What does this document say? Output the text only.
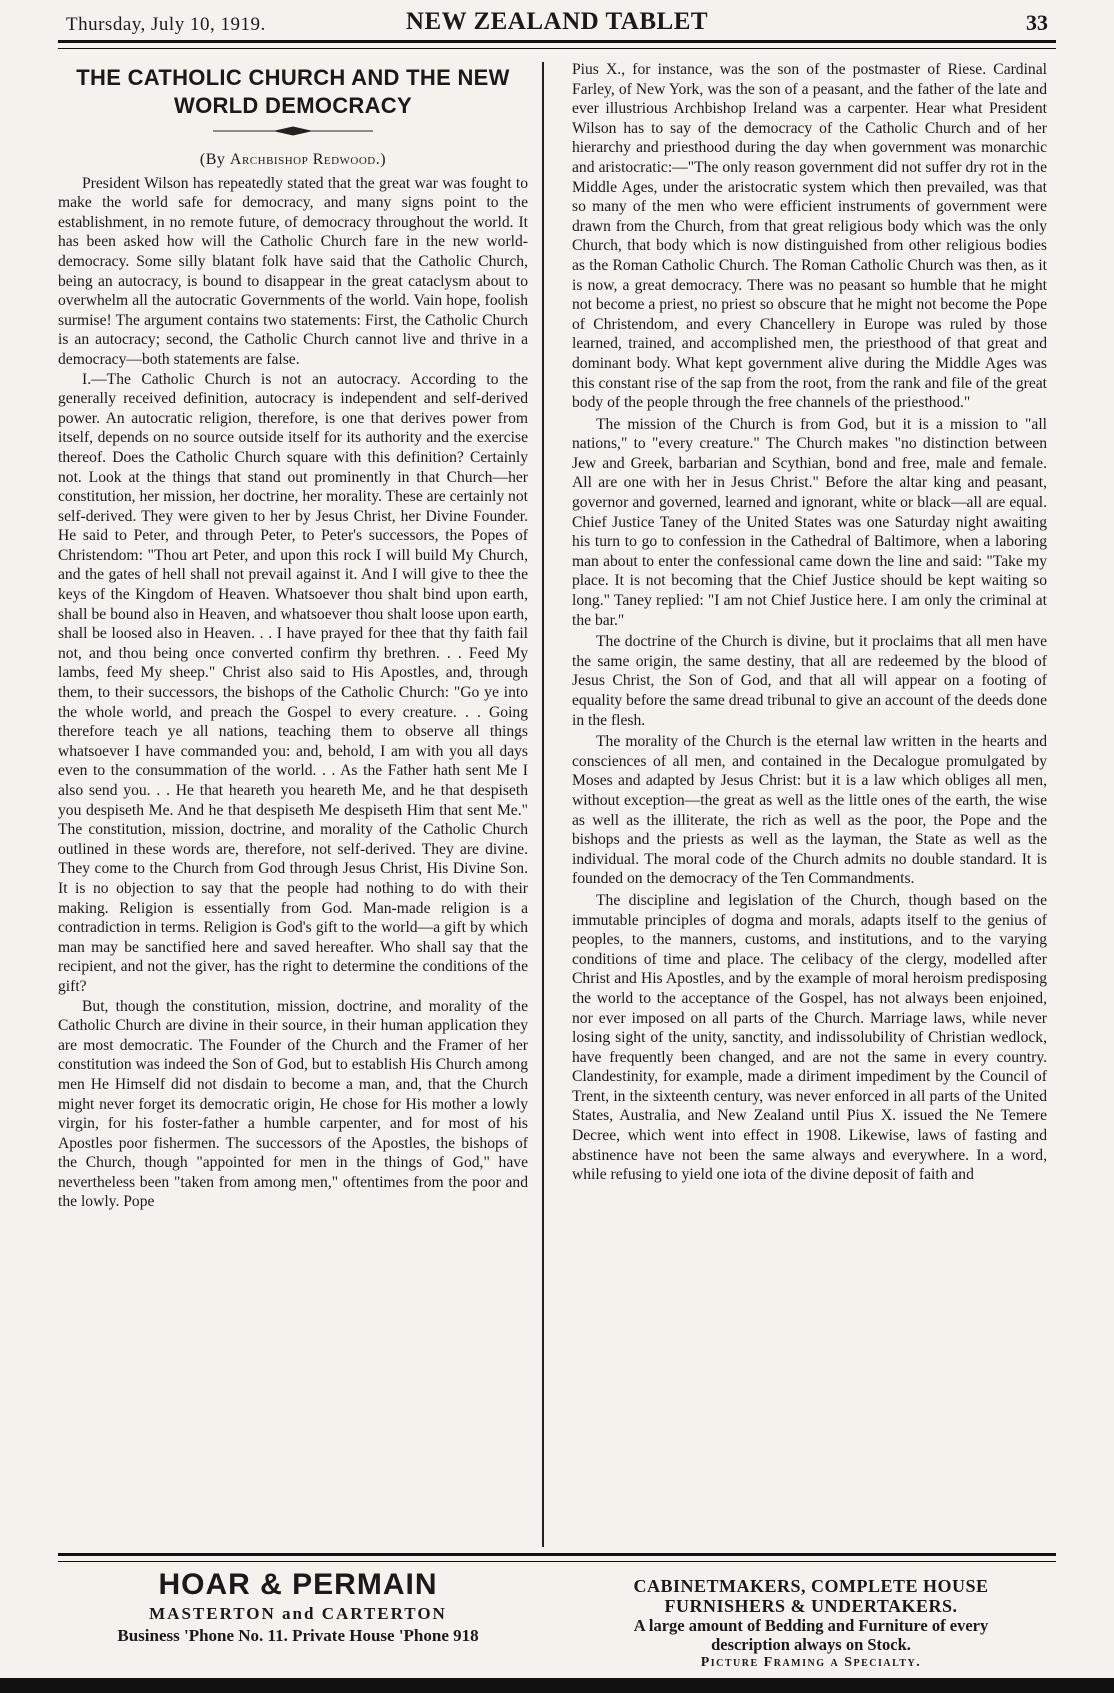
Thursday, July 10, 1919.	NEW ZEALAND TABLET	33
THE CATHOLIC CHURCH AND THE NEW
WORLD DEMOCRACY
(By Archbishop Redwood.)

President Wilson has repeatedly stated that the great war was fought to make the world safe for democracy, and many signs point to the establishment, in no remote future, of democracy throughout the world. It has been asked how will the Catholic Church fare in the new world-democracy. Some silly blatant folk have said that the Catholic Church, being an autocracy, is bound to disappear in the great cataclysm about to overwhelm all the autocratic Governments of the world. Vain hope, foolish surmise! The argument contains two statements: First, the Catholic Church is an autocracy; second, the Catholic Church cannot live and thrive in a democracy—both statements are false.

I.—The Catholic Church is not an autocracy. According to the generally received definition, autocracy is independent and self-derived power. An autocratic religion, therefore, is one that derives power from itself, depends on no source outside itself for its authority and the exercise thereof. Does the Catholic Church square with this definition? Certainly not. Look at the things that stand out prominently in that Church—her constitution, her mission, her doctrine, her morality. These are certainly not self-derived. They were given to her by Jesus Christ, her Divine Founder. He said to Peter, and through Peter, to Peter's successors, the Popes of Christendom: "Thou art Peter, and upon this rock I will build My Church, and the gates of hell shall not prevail against it. And I will give to thee the keys of the Kingdom of Heaven. Whatsoever thou shalt bind upon earth, shall be bound also in Heaven, and whatsoever thou shalt loose upon earth, shall be loosed also in Heaven. . . I have prayed for thee that thy faith fail not, and thou being once converted confirm thy brethren. . . Feed My lambs, feed My sheep." Christ also said to His Apostles, and, through them, to their successors, the bishops of the Catholic Church: "Go ye into the whole world, and preach the Gospel to every creature. . . Going therefore teach ye all nations, teaching them to observe all things whatsoever I have commanded you: and, behold, I am with you all days even to the consummation of the world. . . As the Father hath sent Me I also send you. . . He that heareth you heareth Me, and he that despiseth you despiseth Me. And he that despiseth Me despiseth Him that sent Me." The constitution, mission, doctrine, and morality of the Catholic Church outlined in these words are, therefore, not self-derived. They are divine. They come to the Church from God through Jesus Christ, His Divine Son. It is no objection to say that the people had nothing to do with their making. Religion is essentially from God. Man-made religion is a contradiction in terms. Religion is God's gift to the world—a gift by which man may be sanctified here and saved hereafter. Who shall say that the recipient, and not the giver, has the right to determine the conditions of the gift?

But, though the constitution, mission, doctrine, and morality of the Catholic Church are divine in their source, in their human application they are most democratic. The Founder of the Church and the Framer of her constitution was indeed the Son of God, but to establish His Church among men He Himself did not disdain to become a man, and, that the Church might never forget its democratic origin, He chose for His mother a lowly virgin, for his foster-father a humble carpenter, and for most of his Apostles poor fishermen. The successors of the Apostles, the bishops of the Church, though "appointed for men in the things of God," have nevertheless been "taken from among men," oftentimes from the poor and the lowly. Pope

Pius X., for instance, was the son of the postmaster of Riese. Cardinal Farley, of New York, was the son of a peasant, and the father of the late and ever illustrious Archbishop Ireland was a carpenter. Hear what President Wilson has to say of the democracy of the Catholic Church and of her hierarchy and priesthood during the day when government was monarchic and aristocratic:—"The only reason government did not suffer dry rot in the Middle Ages, under the aristocratic system which then prevailed, was that so many of the men who were efficient instruments of government were drawn from the Church, from that great religious body which was the only Church, that body which is now distinguished from other religious bodies as the Roman Catholic Church. The Roman Catholic Church was then, as it is now, a great democracy. There was no peasant so humble that he might not become a priest, no priest so obscure that he might not become the Pope of Christendom, and every Chancellery in Europe was ruled by those learned, trained, and accomplished men, the priesthood of that great and dominant body. What kept government alive during the Middle Ages was this constant rise of the sap from the root, from the rank and file of the great body of the people through the free channels of the priesthood."

The mission of the Church is from God, but it is a mission to "all nations," to "every creature." The Church makes "no distinction between Jew and Greek, barbarian and Scythian, bond and free, male and female. All are one with her in Jesus Christ." Before the altar king and peasant, governor and governed, learned and ignorant, white or black—all are equal. Chief Justice Taney of the United States was one Saturday night awaiting his turn to go to confession in the Cathedral of Baltimore, when a laboring man about to enter the confessional came down the line and said: "Take my place. It is not becoming that the Chief Justice should be kept waiting so long." Taney replied: "I am not Chief Justice here. I am only the criminal at the bar."

The doctrine of the Church is divine, but it proclaims that all men have the same origin, the same destiny, that all are redeemed by the blood of Jesus Christ, the Son of God, and that all will appear on a footing of equality before the same dread tribunal to give an account of the deeds done in the flesh.

The morality of the Church is the eternal law written in the hearts and consciences of all men, and contained in the Decalogue promulgated by Moses and adapted by Jesus Christ: but it is a law which obliges all men, without exception—the great as well as the little ones of the earth, the wise as well as the illiterate, the rich as well as the poor, the Pope and the bishops and the priests as well as the layman, the State as well as the individual. The moral code of the Church admits no double standard. It is founded on the democracy of the Ten Commandments.

The discipline and legislation of the Church, though based on the immutable principles of dogma and morals, adapts itself to the genius of peoples, to the manners, customs, and institutions, and to the varying conditions of time and place. The celibacy of the clergy, modelled after Christ and His Apostles, and by the example of moral heroism predisposing the world to the acceptance of the Gospel, has not always been enjoined, nor ever imposed on all parts of the Church. Marriage laws, while never losing sight of the unity, sanctity, and indissolubility of Christian wedlock, have frequently been changed, and are not the same in every country. Clandestinity, for example, made a diriment impediment by the Council of Trent, in the sixteenth century, was never enforced in all parts of the United States, Australia, and New Zealand until Pius X. issued the Ne Temere Decree, which went into effect in 1908. Likewise, laws of fasting and abstinence have not been the same always and everywhere. In a word, while refusing to yield one iota of the divine deposit of faith and

HOAR & PERMAIN
MASTERTON and CARTERTON
Business 'Phone No. 11. Private House 'Phone 918
CABINETMAKERS, COMPLETE HOUSE
FURNISHERS & UNDERTAKERS.
A large amount of Bedding and Furniture of every
description always on Stock.
Picture Framing a Specialty.
